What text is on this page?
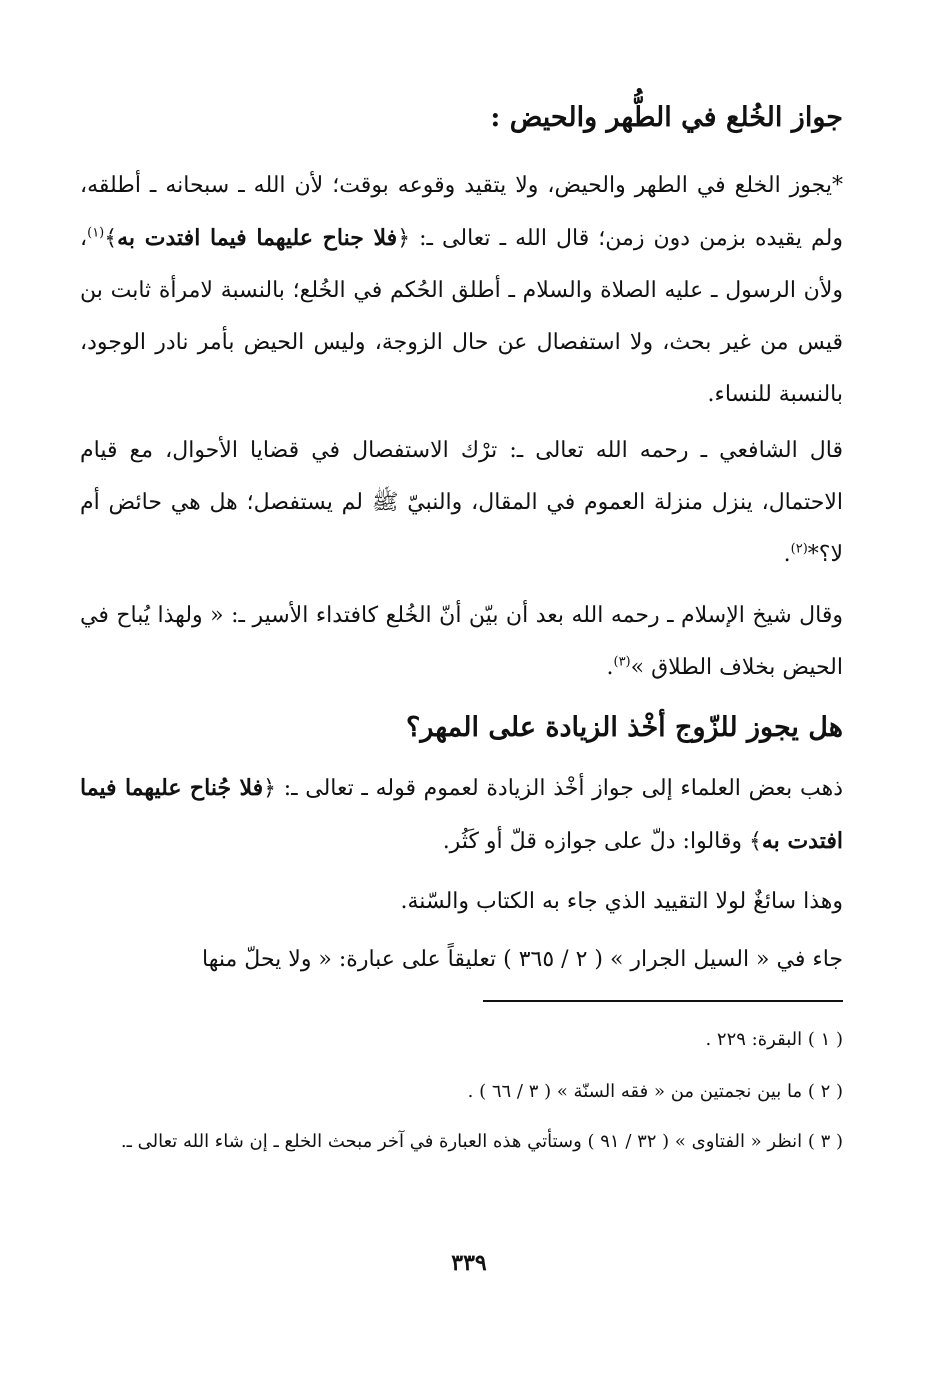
جواز الخُلع في الطُّهر والحيض :
*يجوز الخلع في الطهر والحيض، ولا يتقيد وقوعه بوقت؛ لأن الله ـ سبحانه ـ أطلقه، ولم يقيده بزمن دون زمن؛ قال الله ـ تعالى ـ: ﴿فلا جناح عليهما فيما افتدت به﴾$^{(١)}$، ولأن الرسول ـ عليه الصلاة والسلام ـ أطلق الحُكم في الخُلع؛ بالنسبة لامرأة ثابت بن قيس من غير بحث، ولا استفصال عن حال الزوجة، وليس الحيض بأمر نادر الوجود، بالنسبة للنساء.
قال الشافعي ـ رحمه الله تعالى ـ: ترْك الاستفصال في قضايا الأحوال، مع قيام الاحتمال، ينزل منزلة العموم في المقال، والنبيّ ﷺ لم يستفصل؛ هل هي حائض أم لا؟*$^{(٢)}$.
وقال شيخ الإسلام ـ رحمه الله بعد أن بيّن أنّ الخُلع كافتداء الأسير ـ: « ولهذا يُباح في الحيض بخلاف الطلاق »$^{(٣)}$.
هل يجوز للزّوج أخْذ الزيادة على المهر؟
ذهب بعض العلماء إلى جواز أخْذ الزيادة لعموم قوله ـ تعالى ـ: ﴿فلا جُناح عليهما فيما افتدت به﴾ وقالوا: دلّ على جوازه قلّ أو كَثُر.
وهذا سائغٌ لولا التقييد الذي جاء به الكتاب والسّنة.
جاء في « السيل الجرار » ( ٢ / ٣٦٥ ) تعليقاً على عبارة: « ولا يحلّ منها
( ١ ) البقرة: ٢٢٩ .
( ٢ ) ما بين نجمتين من « فقه السنّة » ( ٣ / ٦٦ ) .
( ٣ ) انظر « الفتاوى » ( ٣٢ / ٩١ ) وستأتي هذه العبارة في آخر مبحث الخلع ـ إن شاء الله تعالى ـ.
٣٣٩
